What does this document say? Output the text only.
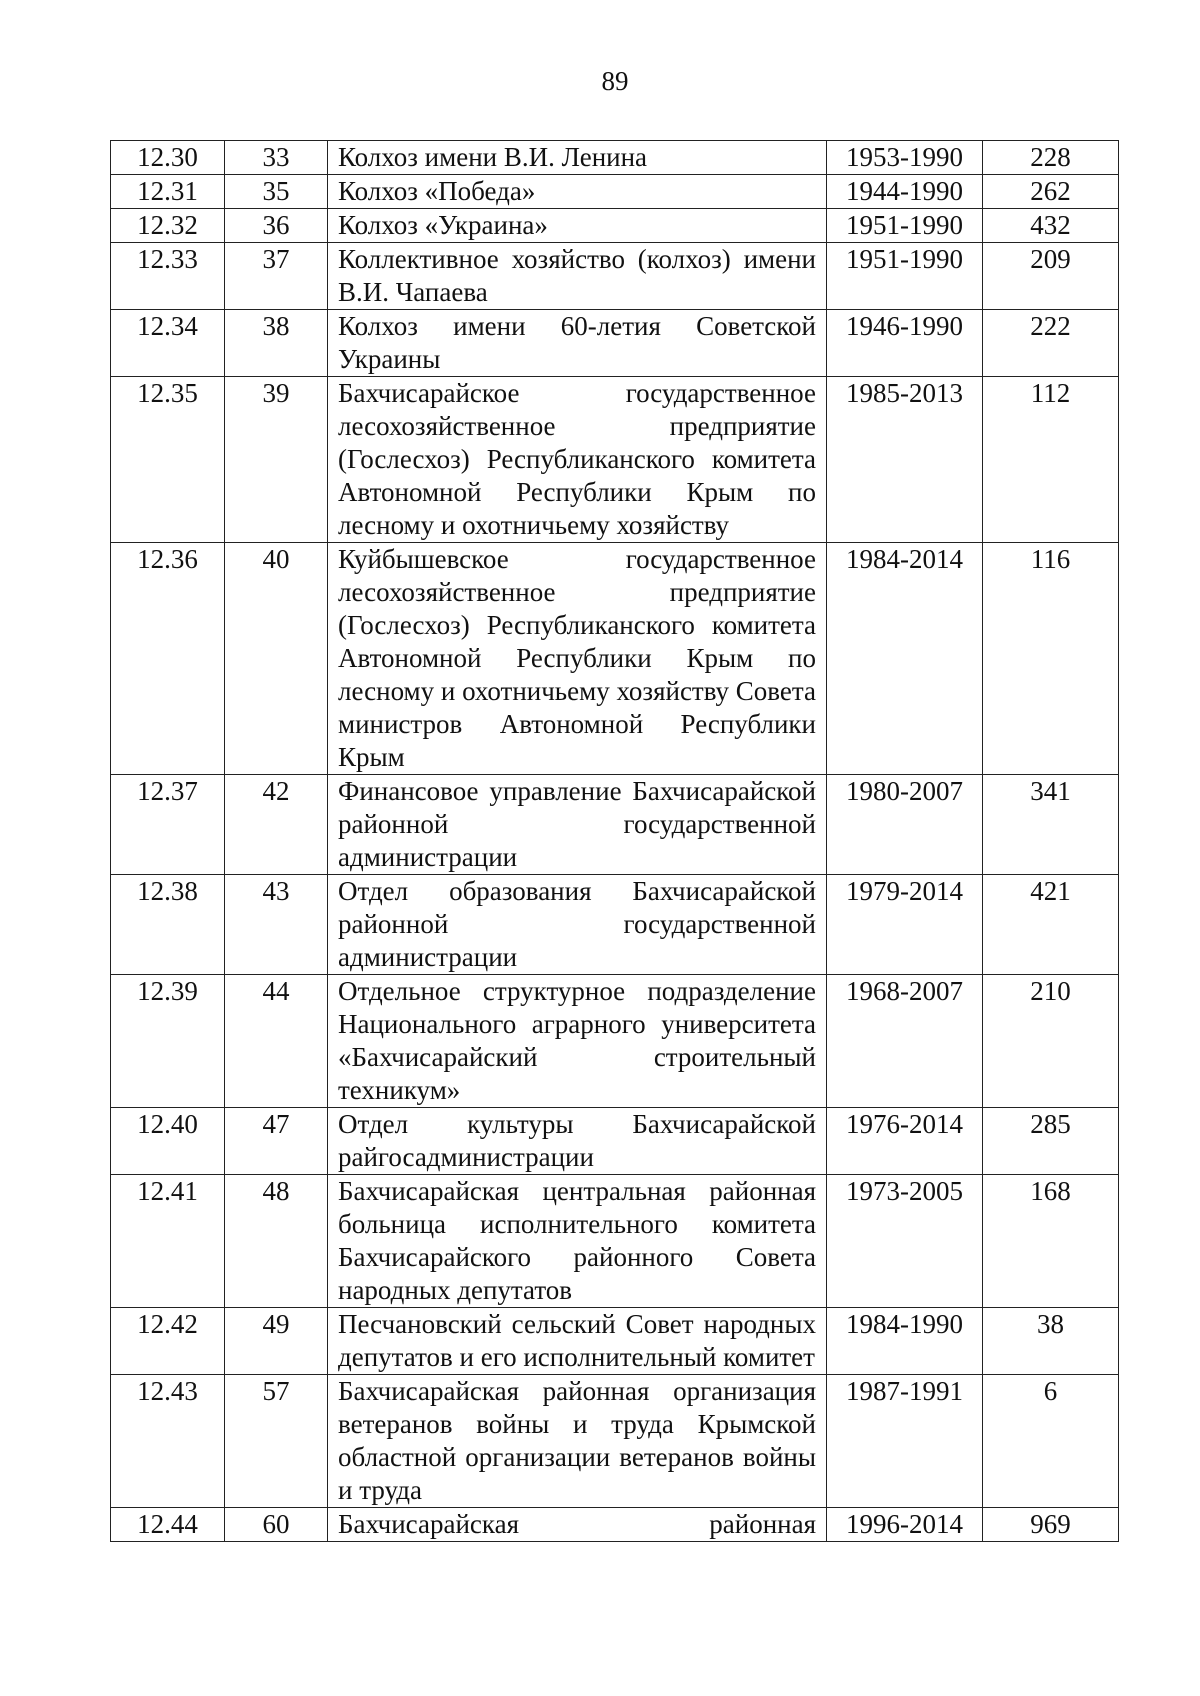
89
12.30	33	Колхоз имени В.И. Ленина	1953-1990	228
12.31	35	Колхоз «Победа»	1944-1990	262
12.32	36	Колхоз «Украина»	1951-1990	432
12.33	37	Коллективное хозяйство (колхоз) имени В.И. Чапаева	1951-1990	209
12.34	38	Колхоз имени 60-летия Советской Украины	1946-1990	222
12.35	39	Бахчисарайское государственное лесохозяйственное предприятие (Гослесхоз) Республиканского комитета Автономной Республики Крым по лесному и охотничьему хозяйству	1985-2013	112
12.36	40	Куйбышевское государственное лесохозяйственное предприятие (Гослесхоз) Республиканского комитета Автономной Республики Крым по лесному и охотничьему хозяйству Совета министров Автономной Республики Крым	1984-2014	116
12.37	42	Финансовое управление Бахчисарайской районной государственной администрации	1980-2007	341
12.38	43	Отдел образования Бахчисарайской районной государственной администрации	1979-2014	421
12.39	44	Отдельное структурное подразделение Национального аграрного университета «Бахчисарайский строительный техникум»	1968-2007	210
12.40	47	Отдел культуры Бахчисарайской райгосадминистрации	1976-2014	285
12.41	48	Бахчисарайская центральная районная больница исполнительного комитета Бахчисарайского районного Совета народных депутатов	1973-2005	168
12.42	49	Песчановский сельский Совет народных депутатов и его исполнительный комитет	1984-1990	38
12.43	57	Бахчисарайская районная организация ветеранов войны и труда Крымской областной организации ветеранов войны и труда	1987-1991	6
12.44	60	Бахчисарайская районная	1996-2014	969
